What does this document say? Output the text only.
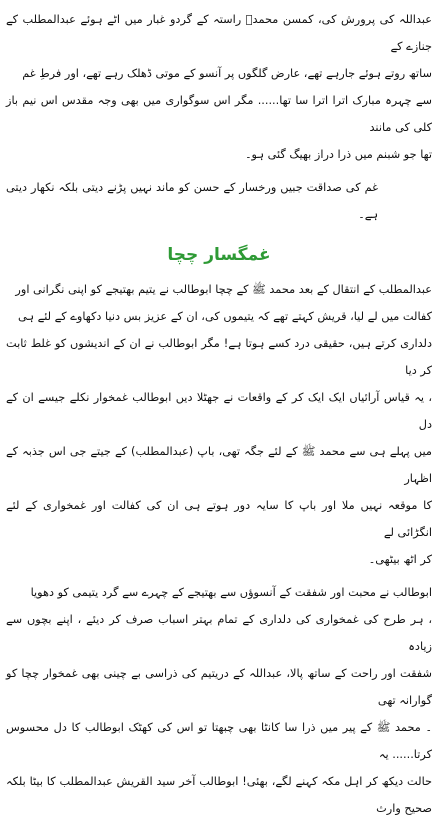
عبداللہ کی پرورش کی، کمسن محمدؐ راستہ کے گردو غبار میں اٹے ہوئے عبدالمطلب کے جنازے کے
ساتھ روتے ہوئے جارہے تھے، عارض گلگوں پر آنسو کے موتی ڈھلک رہے تھے، اور فرطِ غم
سے چہرہ مبارک اترا اترا سا تھا...... مگر اس سوگواری میں بھی وجہ مقدس اس نیم باز کلی کی مانند
تھا جو شبنم میں ذرا دراز بھیگ گئی ہو۔

غم کی صداقت جبیں ورخسار کے حسن کو ماند نہیں پڑنے دیتی بلکہ نکھار دیتی ہے۔

غمگسار چچا

عبدالمطلب کے انتقال کے بعد محمد ﷺ کے چچا ابوطالب نے یتیم بھتیجے کو اپنی نگرانی اور
کفالت میں لے لیا، قریش کہتے تھے کہ یتیموں کی، ان کے عزیز بس دنیا دکھاوے کے لئے ہی
دلداری کرتے ہیں، حقیقی درد کسے ہوتا ہے! مگر ابوطالب نے ان کے اندیشوں کو غلط ثابت کر دیا
، یہ قیاس آرائیاں ایک ایک کر کے واقعات نے جھٹلا دیں ابوطالب غمخوار نکلے جیسے ان کے دل
میں پہلے ہی سے محمد ﷺ کے لئے جگہ تھی، باپ (عبدالمطلب) کے جیتے جی اس جذبہ کے اظہار
کا موقعہ نہیں ملا اور باپ کا سایہ دور ہوتے ہی ان کی کفالت اور غمخواری کے لئے انگڑائی لے
کر اٹھ بیٹھی۔

ابوطالب نے محبت اور شفقت کے آنسوؤں سے بھتیجے کے چہرے سے گرد یتیمی کو دھویا
، ہر طرح کی غمخواری کی دلداری کے تمام بہتر اسباب صرف کر دیئے ، اپنے بچوں سے زیادہ
شفقت اور راحت کے ساتھ پالا، عبداللہ کے دریتیم کی ذراسی بے چینی بھی غمخوار چچا کو گوارانہ تھی
۔ محمد ﷺ کے پیر میں ذرا سا کانٹا بھی چبھتا تو اس کی کھٹک ابوطالب کا دل محسوس کرتا...... یہ
حالت دیکھ کر اہل مکہ کہنے لگے، بھئی! ابوطالب آخر سید القریش عبدالمطلب کا بیٹا بلکہ صحیح وارث
